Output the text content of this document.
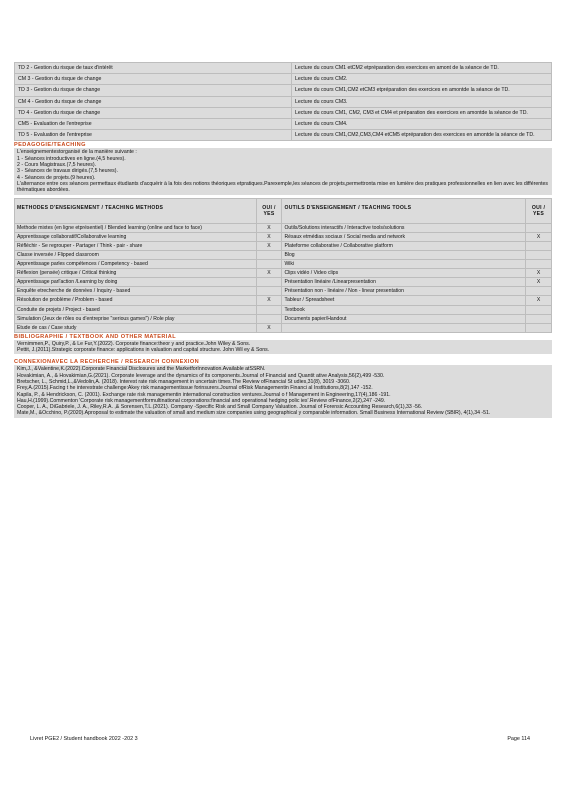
TD 2 - Gestion du risque de taux d'intérêt	Lecture du cours CM1 etCM2 etpréparation des exercices en amont de la séance de TD.
CM 3 - Gestion du risque de change	Lecture du cours CM2.
TD 3 - Gestion du risque de change	Lecture du cours CM1,CM2 etCM3 etpréparation des exercices en amontde la séance de TD.
CM 4 - Gestion du risque de change	Lecture du cours CM3.
TD 4 - Gestion du risque de change	Lecture du cours CM1, CM2, CM3 et CM4 et préparation des exercices en amontde la séance de TD.
CM5 - Evaluation de l'entreprise	Lecture du cours CM4.
TD 5 - Evaluation de l'entreprise	Lecture du cours CM1,CM2,CM3,CM4 etCM5 etpréparation des exercices en amontde la séance de TD.
PEDAGOGIE/TEACHING
L'enseignementestorganisé de la manière suivante :
1 - Séances introductives en ligne.(4,5 heures).
2 - Cours Magistraux.(7,5 heures).
3 - Séances de travaux dirigés.(7,5 heures).
4 - Séances de projets.(9 heures).
L'alternance entre ces séances permettaux étudiants d'acquérir à la fois des notions théoriques etpratiques.Parexemple,les séances de projets,permettronta mise en lumière des pratiques professionnelles en lien avec les différentes thématiques abordées.
METHODES D'ENSEIGNEMENT / TEACHING METHODS	OUI / YES	OUTILS D'ENSEIGNEMENT / TEACHING TOOLS	OUI / YES
Methode mixtes (en ligne etprésentiel) / Blended learning (online and face to face)	X	Outils/Solutions interactifs / Interactive tools/solutions	
Apprentissage collaboratif/Collaborative learning	X	Résaux etmédias sociaux / Social media and network	X
Réfléchir - Se regrouper - Partager / Think - pair - share	X	Plateforme collaborative / Collaborative platform	
Classe inversée / Flipped classroom		Blog	
Apprentissage parles compétences / Competency - based		Wiki	
Réflexion (pensée) critique / Critical thinking	X	Clips vidéo / Video clips	X
Apprentissage parl'action /Learning by doing		Présentation linéaire /Linearpresentation	X
Enquête etrecherche de données / Inquiry - based		Présentation non - linéaire / Non - linear presentation	
Résolution de problème / Problem - based	X	Tableur / Spreadsheet	X
Conduite de projets / Project - based		Textbook	
Simulation (Jeux de rôles ou d'entreprise "serious games") / Role play		Documents papier/Handout	
Etude de cas / Case study	X		
BIBLIOGRAPHIE / TEXTBOOK AND OTHER MATERIAL
Vernimmen,P., Quiry,P., & Le Fur,Y.(2022). Corporate finance:theor y and practice.John Wiley & Sons.
Pettit, J.(2011).Strategic corporate finance: applications in valuation and capital structure. John Wil ey & Sons.
CONNEXIONAVEC LA RECHERCHE / RESEARCH CONNEXION
Kim,J., &Valentine,K.(2022).Corporate Financial Disclosures and the MarketforInnovation.Available atSSRN.
Hovakimian, A., & Hovakimian,G.(2021). Corporate leverage and the dynamics of its components.Journal of Financial and Quantit ative Analysis,56(2),499 -530.
Bretscher, L., Schmid,L.,&Vedolin,A. (2018). Interest rate risk management in uncertain times.The Review ofFinancial St udies,31(8), 3019 -3060.
Frey,A.(2015).Facing t he interestrate challenge:Akey risk managementissue forinsurers.Journal ofRisk Managementin Financi al Institutions,8(2),147 -152.
Kapila, P., & Hendrickson, C. (2001). Exchange rate risk managementin international construction ventures.Journal o f Management in Engineering,17(4),186 -191.
Hau,H.(1999).Commenton 'Corporate risk managementformultinational corporations:financial and operational hedging polic ies'.Review ofFinance,2(2),247 -249.
Cooper, L. A., DiGabriele, J. A., Riley,R.A. ,& Sorensen,T.L.(2021). Company -Specific Risk and Small Company Valuation. Journal of Forensic Accounting Research,6(1),33 -56.
Mate,M., &Occhino, P.(2020).Aproposal to estimate the valuation of small and medium size companies using geographical y comparable information. Small Business International Review (SBIR), 4(1),34 -51.
Livret PGE2 / Student handbook 2022 -202 3	Page 114
